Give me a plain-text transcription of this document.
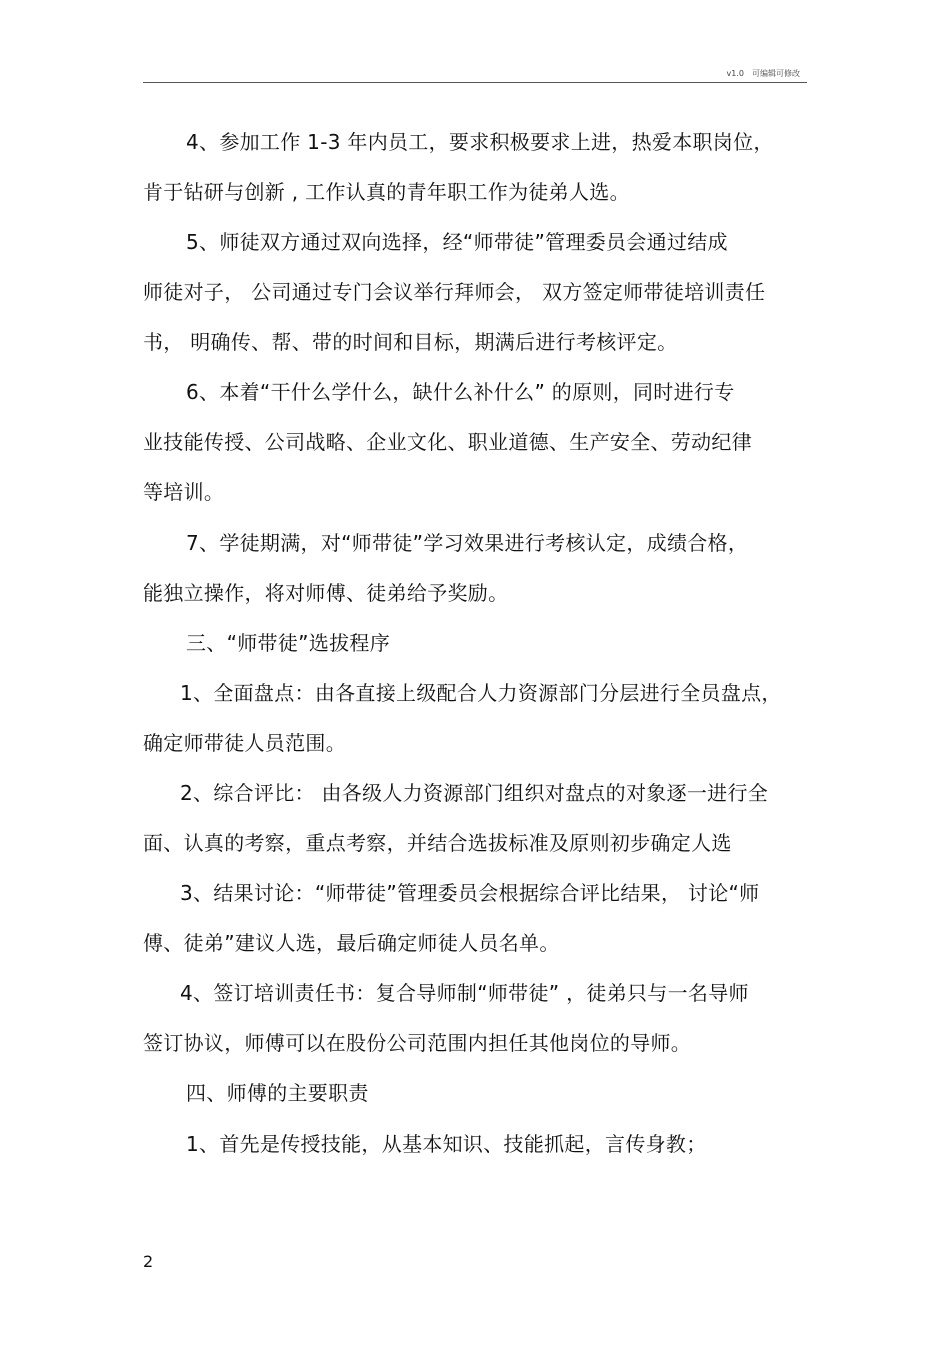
v1.0　可编辑可修改
4、参加工作 1-3 年内员工，要求积极要求上进，热爱本职岗位，
肯于钻研与创新 , 工作认真的青年职工作为徒弟人选。
5、师徒双方通过双向选择，经“师带徒”管理委员会通过结成
师徒对子， 公司通过专门会议举行拜师会， 双方签定师带徒培训责任
书， 明确传、帮、带的时间和目标，期满后进行考核评定。
6、本着“干什么学什么，缺什么补什么” 的原则，同时进行专
业技能传授、公司战略、企业文化、职业道德、生产安全、劳动纪律
等培训。
7、学徒期满，对“师带徒”学习效果进行考核认定，成绩合格，
能独立操作，将对师傅、徒弟给予奖励。
三、“师带徒”选拔程序
1、全面盘点：由各直接上级配合人力资源部门分层进行全员盘点，
确定师带徒人员范围。
2、综合评比： 由各级人力资源部门组织对盘点的对象逐一进行全
面、认真的考察，重点考察，并结合选拔标准及原则初步确定人选
3、结果讨论：“师带徒”管理委员会根据综合评比结果， 讨论“师
傅、徒弟”建议人选，最后确定师徒人员名单。
4、签订培训责任书：复合导师制“师带徒” ，徒弟只与一名导师
签订协议，师傅可以在股份公司范围内担任其他岗位的导师。
四、师傅的主要职责
1、首先是传授技能，从基本知识、技能抓起，言传身教；
2
